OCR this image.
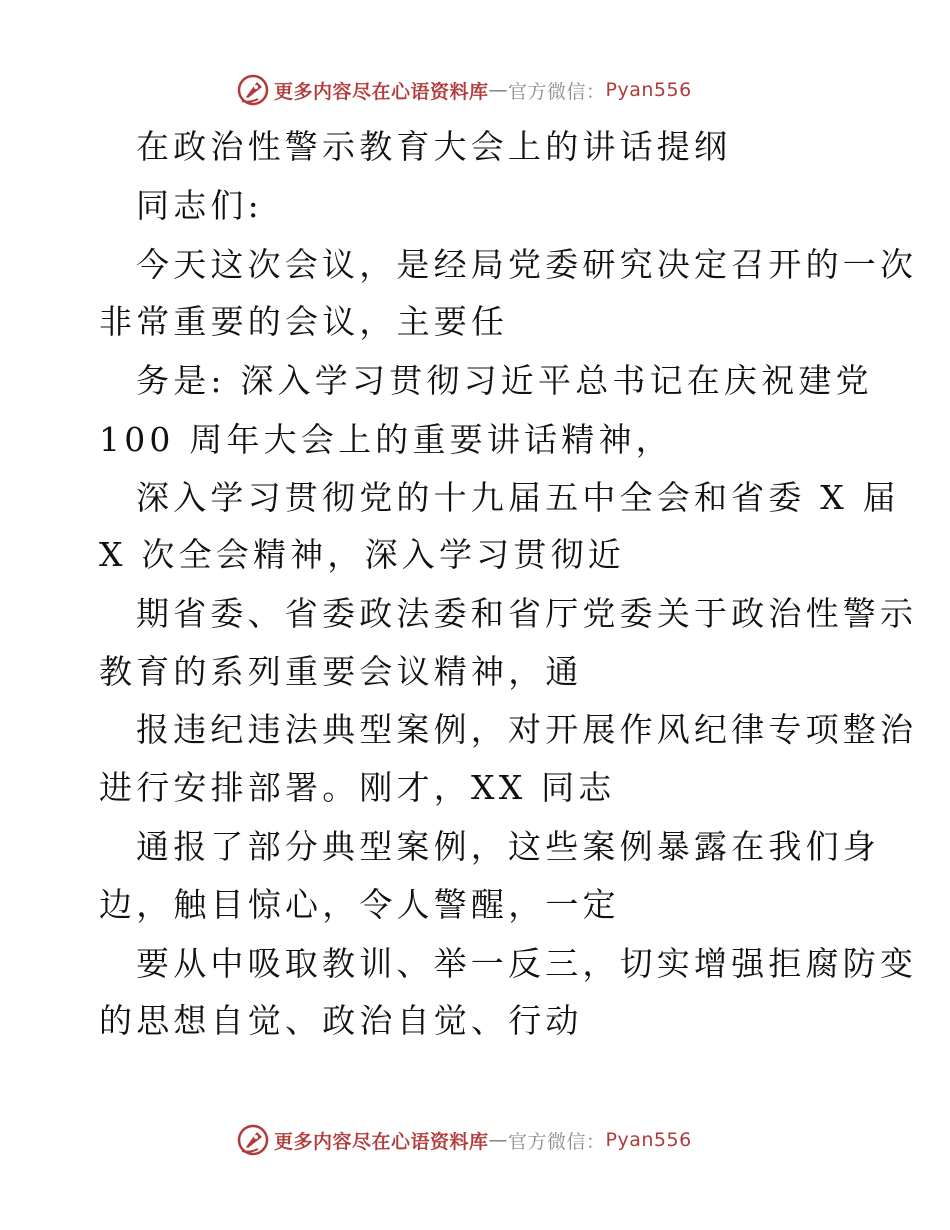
更多内容尽在心语资料库 — 官方微信： Pyan556
在政治性警示教育大会上的讲话提纲
同志们:
今天这次会议，是经局党委研究决定召开的一次
非常重要的会议，主要任
务是: 深入学习贯彻习近平总书记在庆祝建党
100 周年大会上的重要讲话精神，
深入学习贯彻党的十九届五中全会和省委 X 届
X 次全会精神，深入学习贯彻近
期省委、省委政法委和省厅党委关于政治性警示
教育的系列重要会议精神，通
报违纪违法典型案例，对开展作风纪律专项整治
进行安排部署。刚才，XX 同志
通报了部分典型案例，这些案例暴露在我们身
边，触目惊心，令人警醒，一定
要从中吸取教训、举一反三，切实增强拒腐防变
的思想自觉、政治自觉、行动
更多内容尽在心语资料库 — 官方微信： Pyan556
